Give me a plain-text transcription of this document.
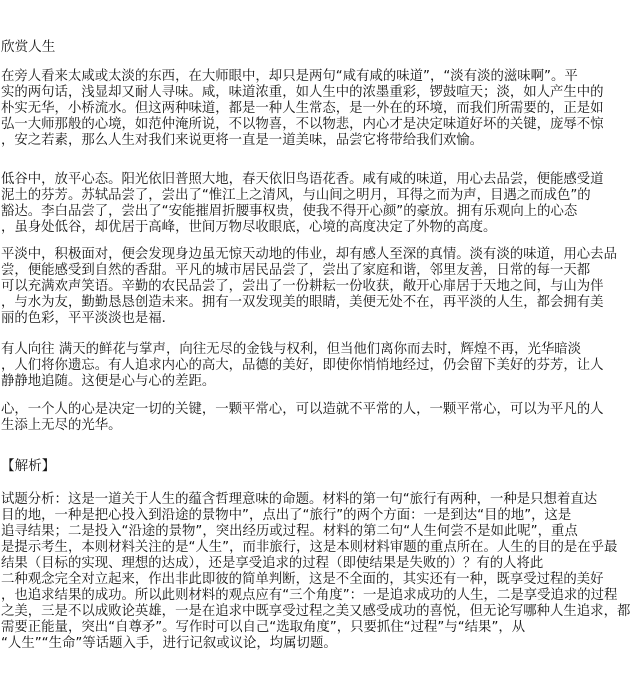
欣赏人生
在旁人看来太咸或太淡的东西，在大师眼中，却只是两句“咸有咸的味道”，“淡有淡的滋味啊”。平
实的两句话，浅显却又耐人寻味。咸，味道浓重，如人生中的浓墨重彩，锣鼓喧天；淡，如人产生中的
朴实无华，小桥流水。但这两种味道，都是一种人生常态，是一外在的环境，而我们所需要的，正是如
弘一大师那般的心境，如范仲淹所说，不以物喜，不以物悲，内心才是决定味道好坏的关键，庞辱不惊
，安之若素，那么人生对我们来说更将一直是一道美味，品尝它将带给我们欢愉。
低谷中，放平心态。阳光依旧普照大地，春天依旧鸟语花香。咸有咸的味道，用心去品尝，便能感受道
泥土的芬芳。苏轼品尝了，尝出了“惟江上之清风，与山间之明月，耳得之而为声，目遇之而成色”的
豁达。李白品尝了，尝出了“安能摧眉折腰事权贵，使我不得开心颜”的豪放。拥有乐观向上的心态
，虽身处低谷，却优居于高峰，世间万物尽收眼底，心境的高度决定了外物的高度。
平淡中，积极面对，便会发现身边虽无惊天动地的伟业，却有感人至深的真情。淡有淡的味道，用心去品
尝，便能感受到自然的香甜。平凡的城市居民品尝了，尝出了家庭和谐，邻里友善，日常的每一天都
可以充满欢声笑语。辛勤的农民品尝了，尝出了一份耕耘一份收获，敞开心扉居于天地之间，与山为伴
，与水为友，勤勤恳恳创造未来。拥有一双发现美的眼睛，美便无处不在，再平淡的人生，都会拥有美
丽的色彩，平平淡淡也是福．
有人向往 满天的鲜花与掌声，向往无尽的金钱与权利，但当他们离你而去时，辉煌不再，光华暗淡
，人们将你遗忘。有人追求内心的高大，品德的美好，即使你悄悄地经过，仍会留下美好的芬芳，让人
静静地追随。这便是心与心的差距。
心，一个人的心是决定一切的关键，一颗平常心，可以造就不平常的人，一颗平常心，可以为平凡的人
生添上无尽的光华。
【解析】
试题分析：这是一道关于人生的蕴含哲理意味的命题。材料的第一句“旅行有两种，一种是只想着直达
目的地，一种是把心投入到沿途的景物中”，点出了“旅行”的两个方面：一是到达“目的地”，这是
追寻结果；二是投入“沿途的景物”，突出经历或过程。材料的第二句“人生何尝不是如此呢”，重点
是提示考生，本则材料关注的是“人生”，而非旅行，这是本则材料审题的重点所在。人生的目的是在乎最
结果（目标的实现、理想的达成），还是享受追求的过程（即使结果是失败的）？有的人将此
二种观念完全对立起来，作出非此即彼的简单判断，这是不全面的，其实还有一种，既享受过程的美好
，也追求结果的成功。所以此则材料的观点应有“三个角度”：一是追求成功的人生，二是享受追求的过程
之美，三是不以成败论英雄，一是在追求中既享受过程之美又感受成功的喜悦，但无论写哪种人生追求，都
需要正能量，突出“自尊矛”。写作时可以自己“选取角度”，只要抓住“过程”与“结果”，从
“人生”“生命”等话题入手，进行记叙或议论，均属切题。
